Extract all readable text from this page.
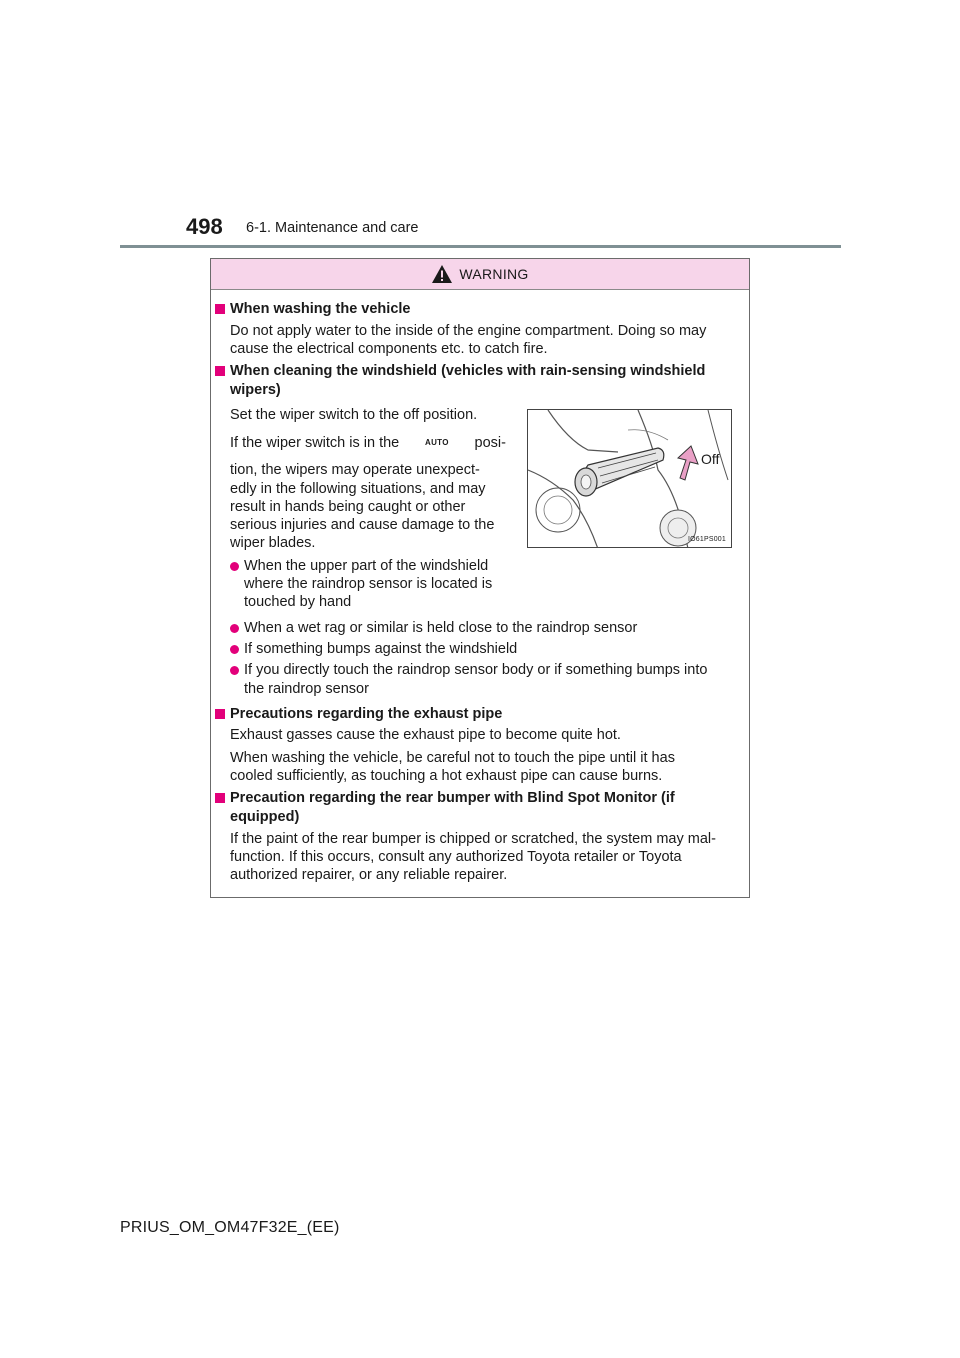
498 6-1. Maintenance and care
WARNING
When washing the vehicle
Do not apply water to the inside of the engine compartment. Doing so may
cause the electrical components etc. to catch fire.
When cleaning the windshield (vehicles with rain-sensing windshield
wipers)
Set the wiper switch to the off position.
If the wiper switch is in the	AUTO posi-
tion, the wipers may operate unexpect-
edly in the following situations, and may
result in hands being caught or other
serious injuries and cause damage to the
wiper blades.
When the upper part of the windshield
where the raindrop sensor is located is
touched by hand
Off
IO61PS001
When a wet rag or similar is held close to the raindrop sensor
If something bumps against the windshield
If you directly touch the raindrop sensor body or if something bumps into
the raindrop sensor
Precautions regarding the exhaust pipe
Exhaust gasses cause the exhaust pipe to become quite hot.
When washing the vehicle, be careful not to touch the pipe until it has
cooled sufficiently, as touching a hot exhaust pipe can cause burns.
Precaution regarding the rear bumper with Blind Spot Monitor (if
equipped)
If the paint of the rear bumper is chipped or scratched, the system may mal-
function. If this occurs, consult any authorized Toyota retailer or Toyota
authorized repairer, or any reliable repairer.
PRIUS_OM_OM47F32E_(EE)
